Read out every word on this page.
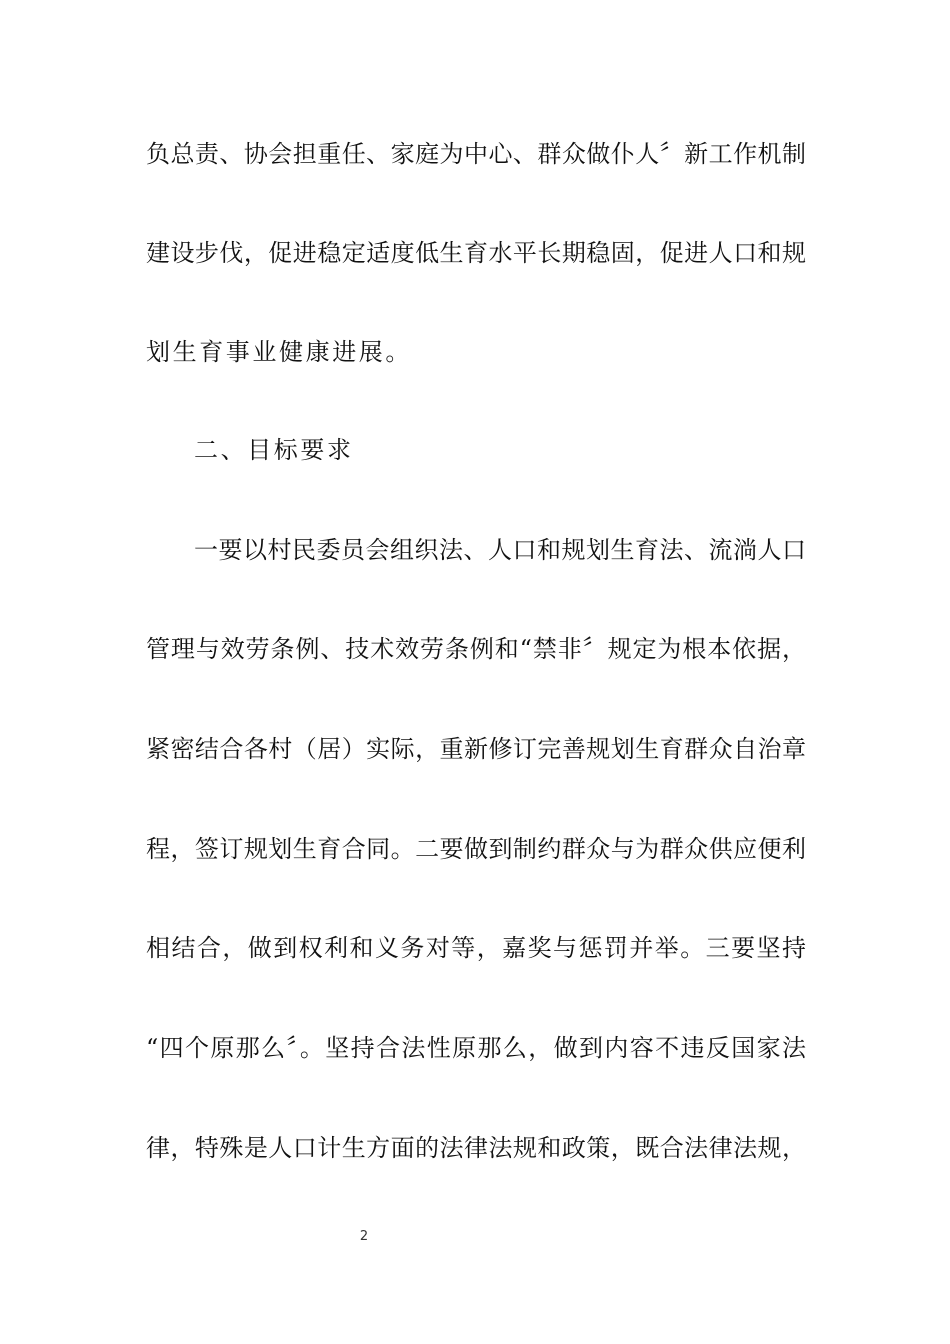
负总责、协会担重任、家庭为中心、群众做仆人〞新工作机制
建设步伐，促进稳定适度低生育水平长期稳固，促进人口和规
划生育事业健康进展。
二、目标要求
一要以村民委员会组织法、人口和规划生育法、流淌人口
管理与效劳条例、技术效劳条例和“禁非〞规定为根本依据，
紧密结合各村（居）实际，重新修订完善规划生育群众自治章
程，签订规划生育合同。二要做到制约群众与为群众供应便利
相结合，做到权利和义务对等，嘉奖与惩罚并举。三要坚持
“四个原那么〞。坚持合法性原那么，做到内容不违反国家法
律，特殊是人口计生方面的法律法规和政策，既合法律法规，
2
